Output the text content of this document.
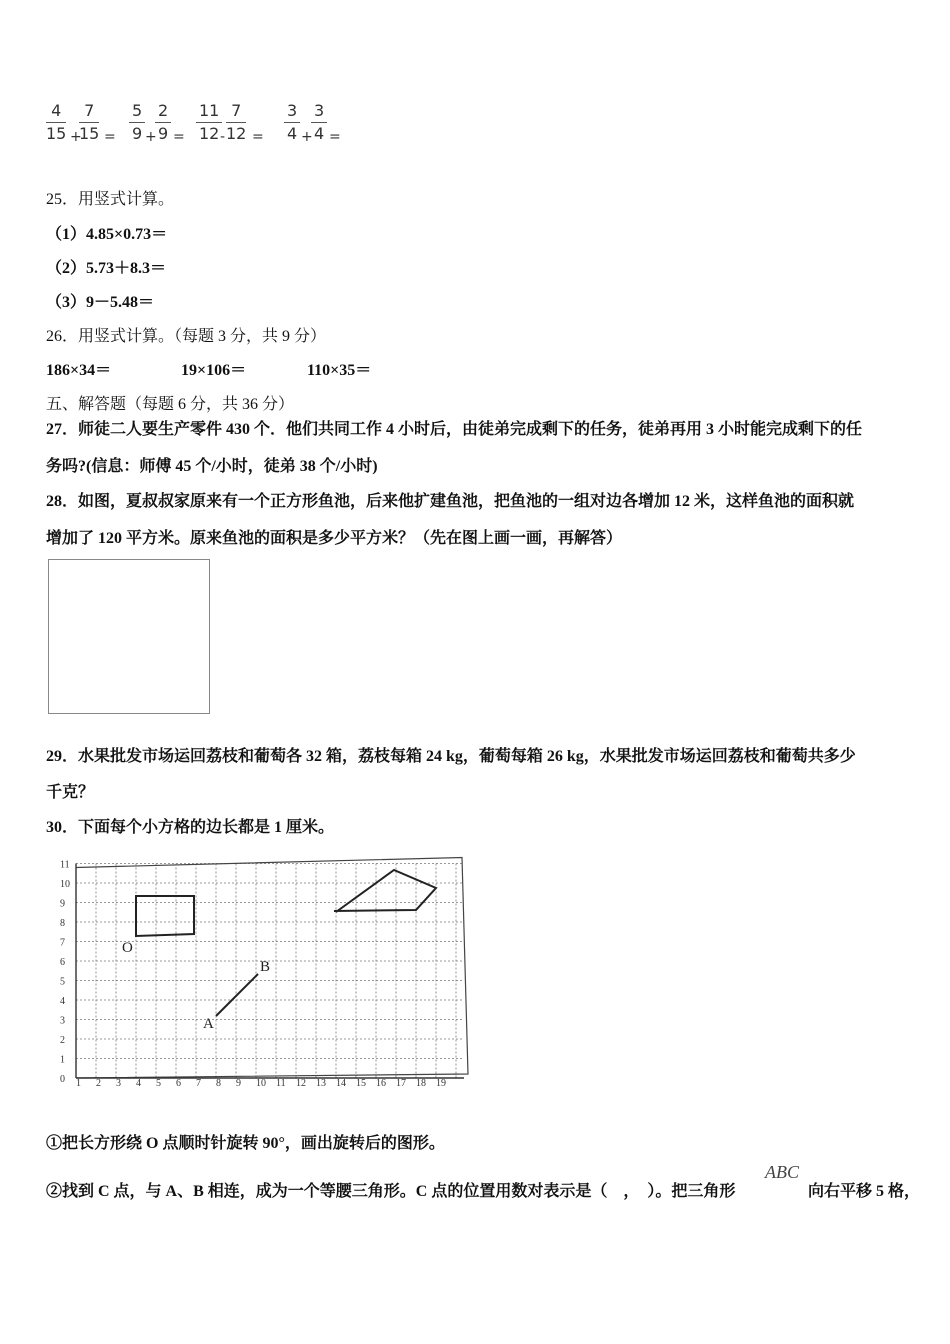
$\frac{4}{15}$ +
$\frac{7}{15} = \frac{5}{9}$ +
$\frac{2}{9} = \frac{11}{12}$
- $\frac{7}{12} = \frac{3}{4}$ +
$\frac{3}{4}$ =
25．用竖式计算。
（1）4.85×0.73＝
（2）5.73＋8.3＝
（3）9－5.48＝
26．用竖式计算。（每题 3 分，共 9 分）
186×34＝	19×106＝	110×35＝
五、解答题（每题 6 分，共 36 分）
27．师徒二人要生产零件 430 个．他们共同工作 4 小时后，由徒弟完成剩下的任务，徒弟再用 3 小时能完成剩下的任
务吗?(信息：师傅 45 个/小时，徒弟 38 个/小时)
28．如图，夏叔叔家原来有一个正方形鱼池，后来他扩建鱼池，把鱼池的一组对边各增加 12 米，这样鱼池的面积就
增加了 120 平方米。原来鱼池的面积是多少平方米？（先在图上画一画，再解答）
29．水果批发市场运回荔枝和葡萄各 32 箱，荔枝每箱 24 kg，葡萄每箱 26 kg，水果批发市场运回荔枝和葡萄共多少
千克？
30．下面每个小方格的边长都是 1 厘米。
1 2 3 4 5 6 7 8 9 10 11 12 13 14 15 16 17 18 19
0
1
2
3
4
5
6
7
8
9
10
11
O
A
B
①把长方形绕 O 点顺时针旋转 90°，画出旋转后的图形。
②找到 C 点，与 A、B 相连，成为一个等腰三角形。C 点的位置用数对表示是（　，　）。把三角形
ABC
向右平移 5 格，
